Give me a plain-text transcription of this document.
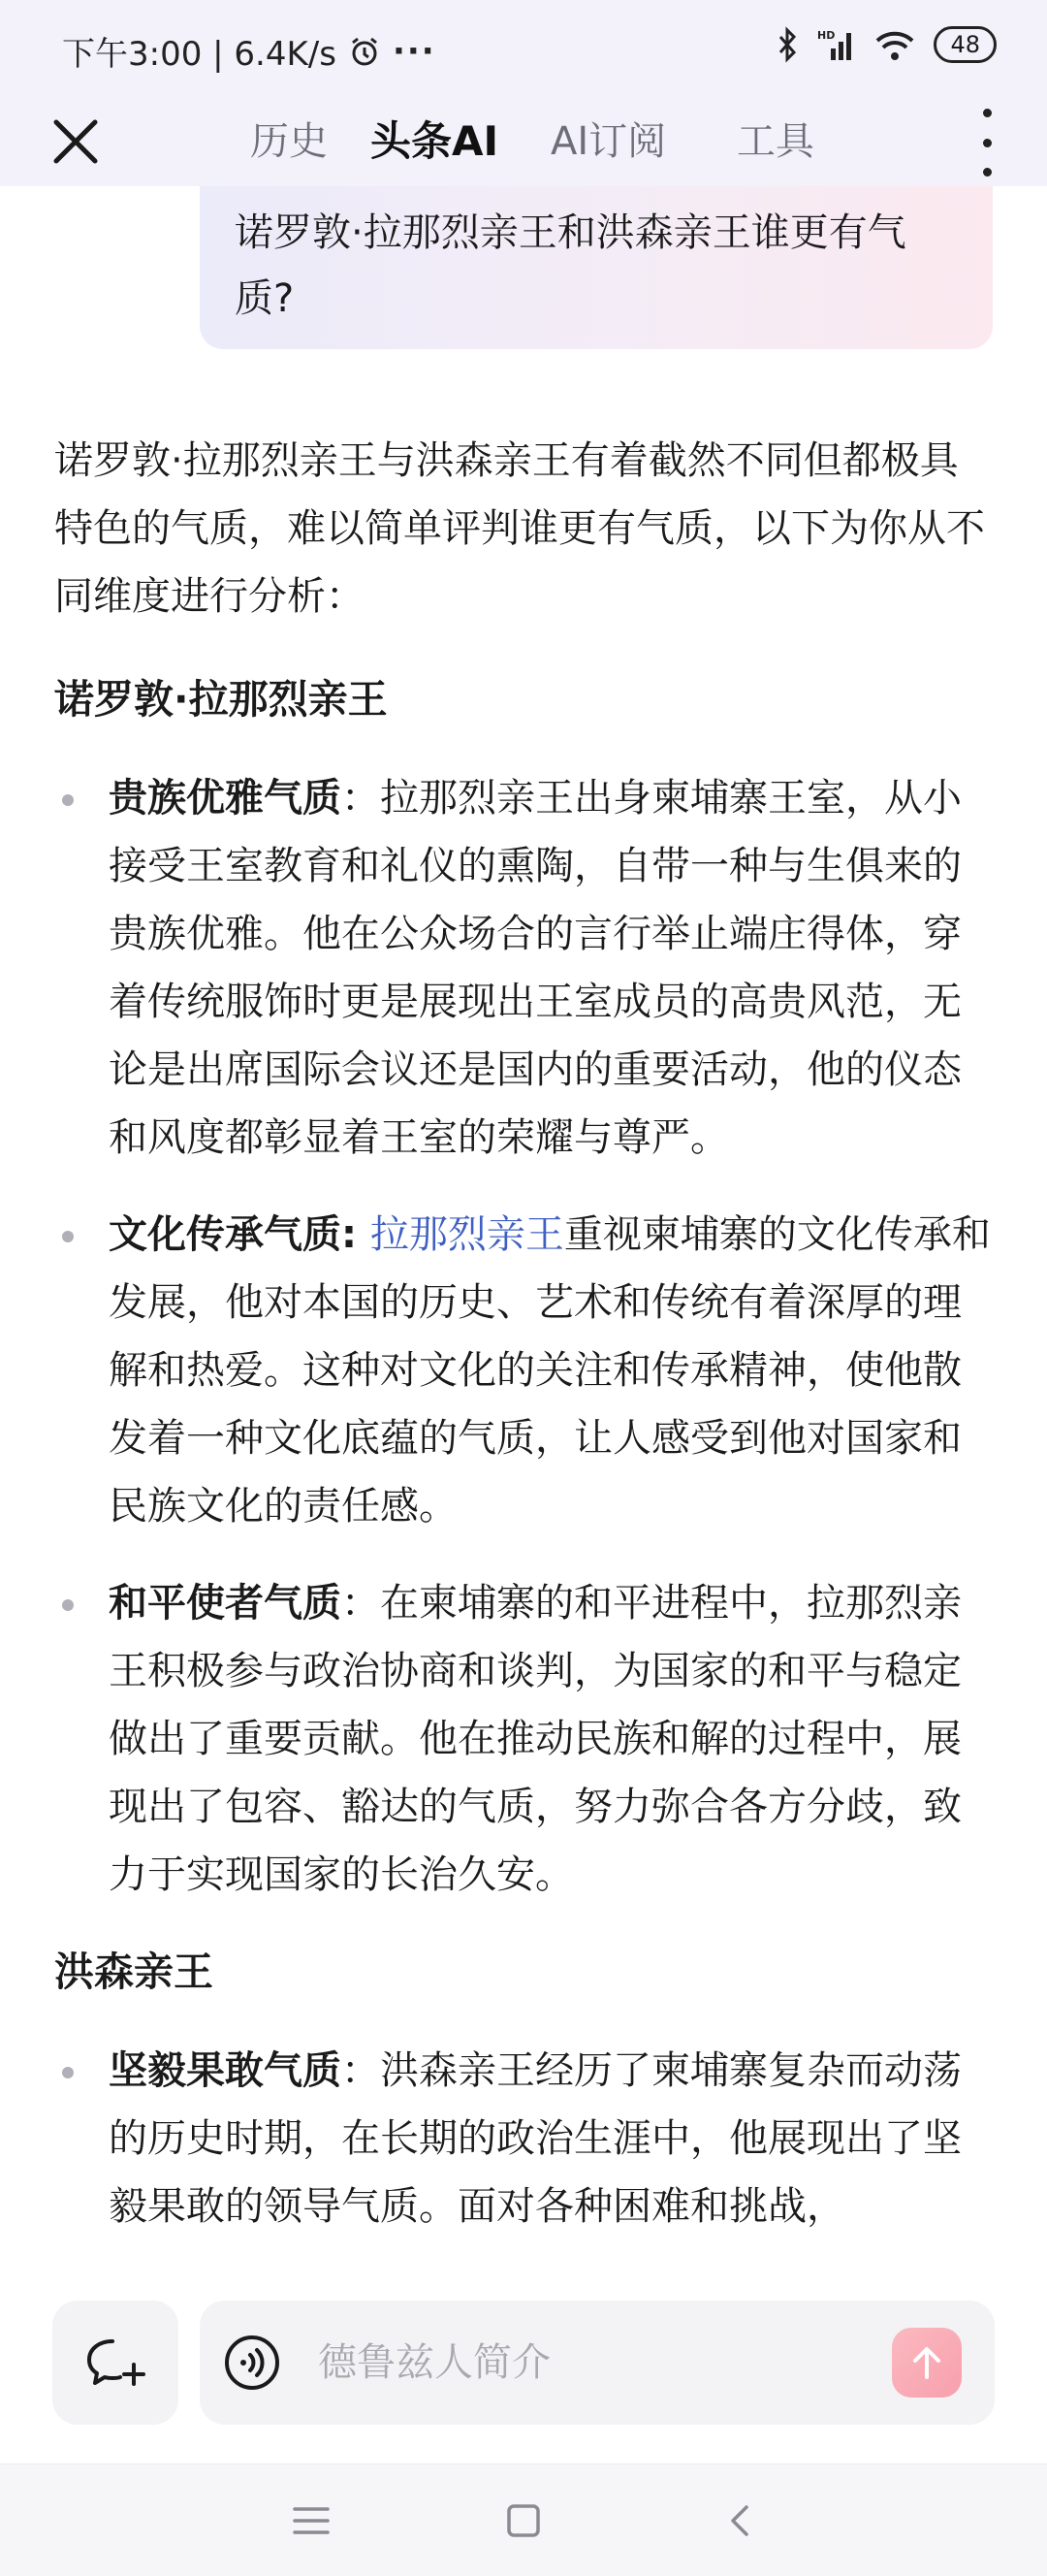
下午3:00 | 6.4K/s ···	HD	48
历史	头条AI	AI订阅	工具
诺罗敦·拉那烈亲王和洪森亲王谁更有气质?

诺罗敦·拉那烈亲王与洪森亲王有着截然不同但都极具特色的气质，难以简单评判谁更有气质，以下为你从不同维度进行分析：

诺罗敦·拉那烈亲王
贵族优雅气质：拉那烈亲王出身柬埔寨王室，从小接受王室教育和礼仪的熏陶，自带一种与生俱来的贵族优雅。他在公众场合的言行举止端庄得体，穿着传统服饰时更是展现出王室成员的高贵风范，无论是出席国际会议还是国内的重要活动，他的仪态和风度都彰显着王室的荣耀与尊严。
文化传承气质: 拉那烈亲王重视柬埔寨的文化传承和发展，他对本国的历史、艺术和传统有着深厚的理解和热爱。这种对文化的关注和传承精神，使他散发着一种文化底蕴的气质，让人感受到他对国家和民族文化的责任感。
和平使者气质：在柬埔寨的和平进程中，拉那烈亲王积极参与政治协商和谈判，为国家的和平与稳定做出了重要贡献。他在推动民族和解的过程中，展现出了包容、豁达的气质，努力弥合各方分歧，致力于实现国家的长治久安。
洪森亲王
坚毅果敢气质：洪森亲王经历了柬埔寨复杂而动荡的历史时期，在长期的政治生涯中，他展现出了坚毅果敢的领导气质。面对各种困难和挑战，
德鲁兹人简介
